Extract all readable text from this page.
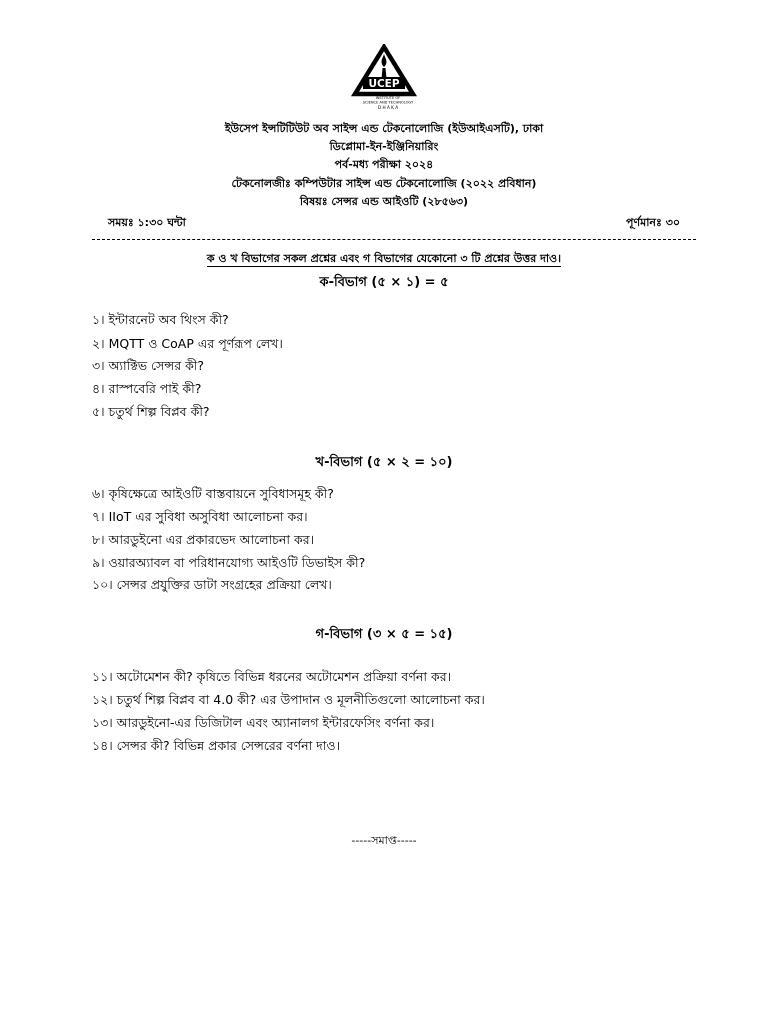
UCEP
INSTITUTE OF
SCIENCE AND TECHNOLOGY
D H A K A
ইউসেপ ইন্সটিটিউট অব সাইন্স এন্ড টেকনোলোজি (ইউআইএসটি), ঢাকা
ডিপ্লোমা-ইন-ইঞ্জিনিয়ারিং
পর্ব-মধ্য পরীক্ষা ২০২৪
টেকনোলজীঃ কম্পিউটার সাইন্স এন্ড টেকনোলোজি (২০২২ প্রবিধান)
বিষয়ঃ সেন্সর এন্ড আইওটি (২৮৫৬৩)
সময়ঃ ১:৩০ ঘন্টা	পূর্ণমানঃ ৩০
ক ও খ বিভাগের সকল প্রশ্নের এবং গ বিভাগের যেকোনো ৩ টি প্রশ্নের উত্তর দাও।
ক-বিভাগ (৫ × ১) = ৫
১। ইন্টারনেট অব থিংস কী?
২। MQTT ও CoAP এর পূর্ণরূপ লেখ।
৩। অ্যাক্টিভ সেন্সর কী?
৪। রাস্পবেরি পাই কী?
৫। চতুর্থ শিল্প বিপ্লব কী?
খ-বিভাগ (৫ × ২ = ১০)
৬। কৃষিক্ষেত্রে আইওটি বাস্তবায়নে সুবিধাসমূহ কী?
৭। IIoT এর সুবিধা অসুবিধা আলোচনা কর।
৮। আরডুইনো এর প্রকারভেদ আলোচনা কর।
৯। ওয়ারঅ্যাবল বা পরিধানযোগ্য আইওটি ডিভাইস কী?
১০। সেন্সর প্রযুক্তির ডাটা সংগ্রহের প্রক্রিয়া লেখ।
গ-বিভাগ (৩ × ৫ = ১৫)
১১। অটোমেশন কী? কৃষিতে বিভিন্ন ধরনের অটোমেশন প্রক্রিয়া বর্ণনা কর।
১২। চতুর্থ শিল্প বিপ্লব বা 4.0 কী? এর উপাদান ও মূলনীতিগুলো আলোচনা কর।
১৩। আরডুইনো-এর ডিজিটাল এবং অ্যানালগ ইন্টারফেসিং বর্ণনা কর।
১৪। সেন্সর কী? বিভিন্ন প্রকার সেন্সরের বর্ণনা দাও।
-----সমাপ্ত-----
